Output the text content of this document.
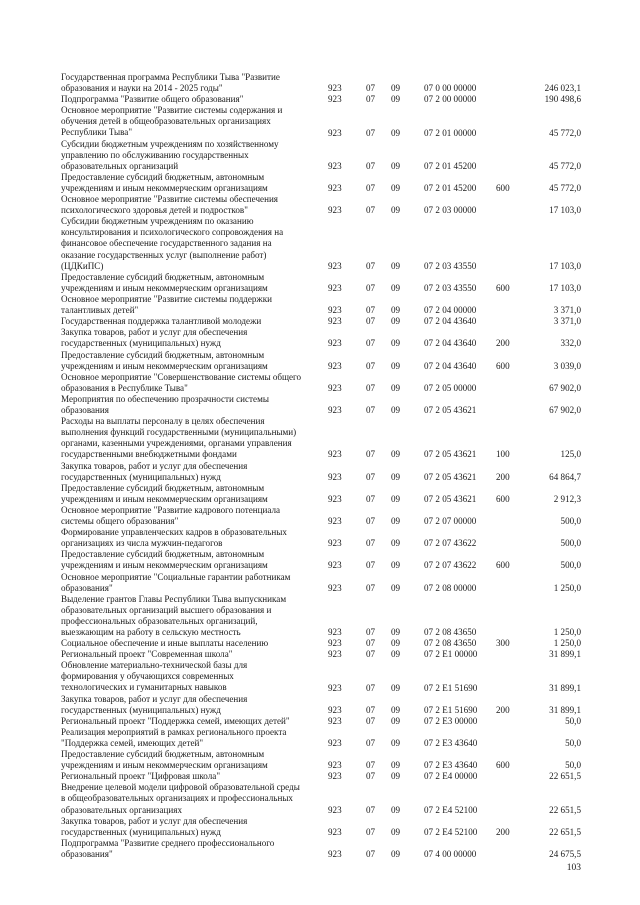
Государственная программа Республики Тыва "Развитие
образования и науки на 2014 - 2025 годы"	923	07 09	07 0 00 00000	246 023,1
Подпрограмма "Развитие общего образования"	923	07 09	07 2 00 00000	190 498,6
Основное мероприятие "Развитие системы содержания и
обучения детей в общеобразовательных организациях
Республики Тыва"	923	07 09	07 2 01 00000	45 772,0
Субсидии бюджетным учреждениям по хозяйственному
управлению по обслуживанию государственных
образовательных организаций	923	07 09	07 2 01 45200	45 772,0
Предоставление субсидий бюджетным, автономным
учреждениям и иным некоммерческим организациям	923	07 09	07 2 01 45200 600	45 772,0
Основное мероприятие "Развитие системы обеспечения
психологического здоровья детей и подростков"	923	07 09	07 2 03 00000	17 103,0
Субсидии бюджетным учреждениям по оказанию
консультирования и психологического сопровождения на
финансовое обеспечение государственного задания на
оказание государственных услуг (выполнение работ)
(ЦДКиПС)	923	07 09	07 2 03 43550	17 103,0
Предоставление субсидий бюджетным, автономным
учреждениям и иным некоммерческим организациям	923	07 09	07 2 03 43550 600	17 103,0
Основное мероприятие "Развитие системы поддержки
талантливых детей"	923	07 09	07 2 04 00000	3 371,0
Государственная поддержка талантливой молодежи	923	07 09	07 2 04 43640	3 371,0
Закупка товаров, работ и услуг для обеспечения
государственных (муниципальных) нужд	923	07 09	07 2 04 43640 200	332,0
Предоставление субсидий бюджетным, автономным
учреждениям и иным некоммерческим организациям	923	07 09	07 2 04 43640 600	3 039,0
Основное мероприятие "Совершенствование системы общего
образования в Республике Тыва"	923	07 09	07 2 05 00000	67 902,0
Мероприятия по обеспечению прозрачности системы
образования	923	07 09	07 2 05 43621	67 902,0
Расходы на выплаты персоналу в целях обеспечения
выполнения функций государственными (муниципальными)
органами, казенными учреждениями, органами управления
государственными внебюджетными фондами	923	07 09	07 2 05 43621 100	125,0
Закупка товаров, работ и услуг для обеспечения
государственных (муниципальных) нужд	923	07 09	07 2 05 43621 200	64 864,7
Предоставление субсидий бюджетным, автономным
учреждениям и иным некоммерческим организациям	923	07 09	07 2 05 43621 600	2 912,3
Основное мероприятие "Развитие кадрового потенциала
системы общего образования"	923	07 09	07 2 07 00000	500,0
Формирование управленческих кадров в образовательных
организациях из числа мужчин-педагогов	923	07 09	07 2 07 43622	500,0
Предоставление субсидий бюджетным, автономным
учреждениям и иным некоммерческим организациям	923	07 09	07 2 07 43622 600	500,0
Основное мероприятие "Социальные гарантии работникам
образования"	923	07 09	07 2 08 00000	1 250,0
Выделение грантов Главы Республики Тыва выпускникам
образовательных организаций высшего образования и
профессиональных образовательных организаций,
выезжающим на работу в сельскую местность	923	07 09	07 2 08 43650	1 250,0
Социальное обеспечение и иные выплаты населению	923	07 09	07 2 08 43650 300	1 250,0
Региональный проект "Современная школа"	923	07 09	07 2 E1 00000	31 899,1
Обновление материально-технической базы для
формирования у обучающихся современных
технологических и гуманитарных навыков	923	07 09	07 2 E1 51690	31 899,1
Закупка товаров, работ и услуг для обеспечения
государственных (муниципальных) нужд	923	07 09	07 2 E1 51690 200	31 899,1
Региональный проект "Поддержка семей, имеющих детей"	923	07 09	07 2 E3 00000	50,0
Реализация мероприятий в рамках регионального проекта
"Поддержка семей, имеющих детей"	923	07 09	07 2 E3 43640	50,0
Предоставление субсидий бюджетным, автономным
учреждениям и иным некоммерческим организациям	923	07 09	07 2 E3 43640 600	50,0
Региональный проект "Цифровая школа"	923	07 09	07 2 E4 00000	22 651,5
Внедрение целевой модели цифровой образовательной среды
в общеобразовательных организациях и профессиональных
образовательных организациях	923	07 09	07 2 E4 52100	22 651,5
Закупка товаров, работ и услуг для обеспечения
государственных (муниципальных) нужд	923	07 09	07 2 E4 52100 200	22 651,5
Подпрограмма "Развитие среднего профессионального
образования"	923	07 09	07 4 00 00000	24 675,5
103
